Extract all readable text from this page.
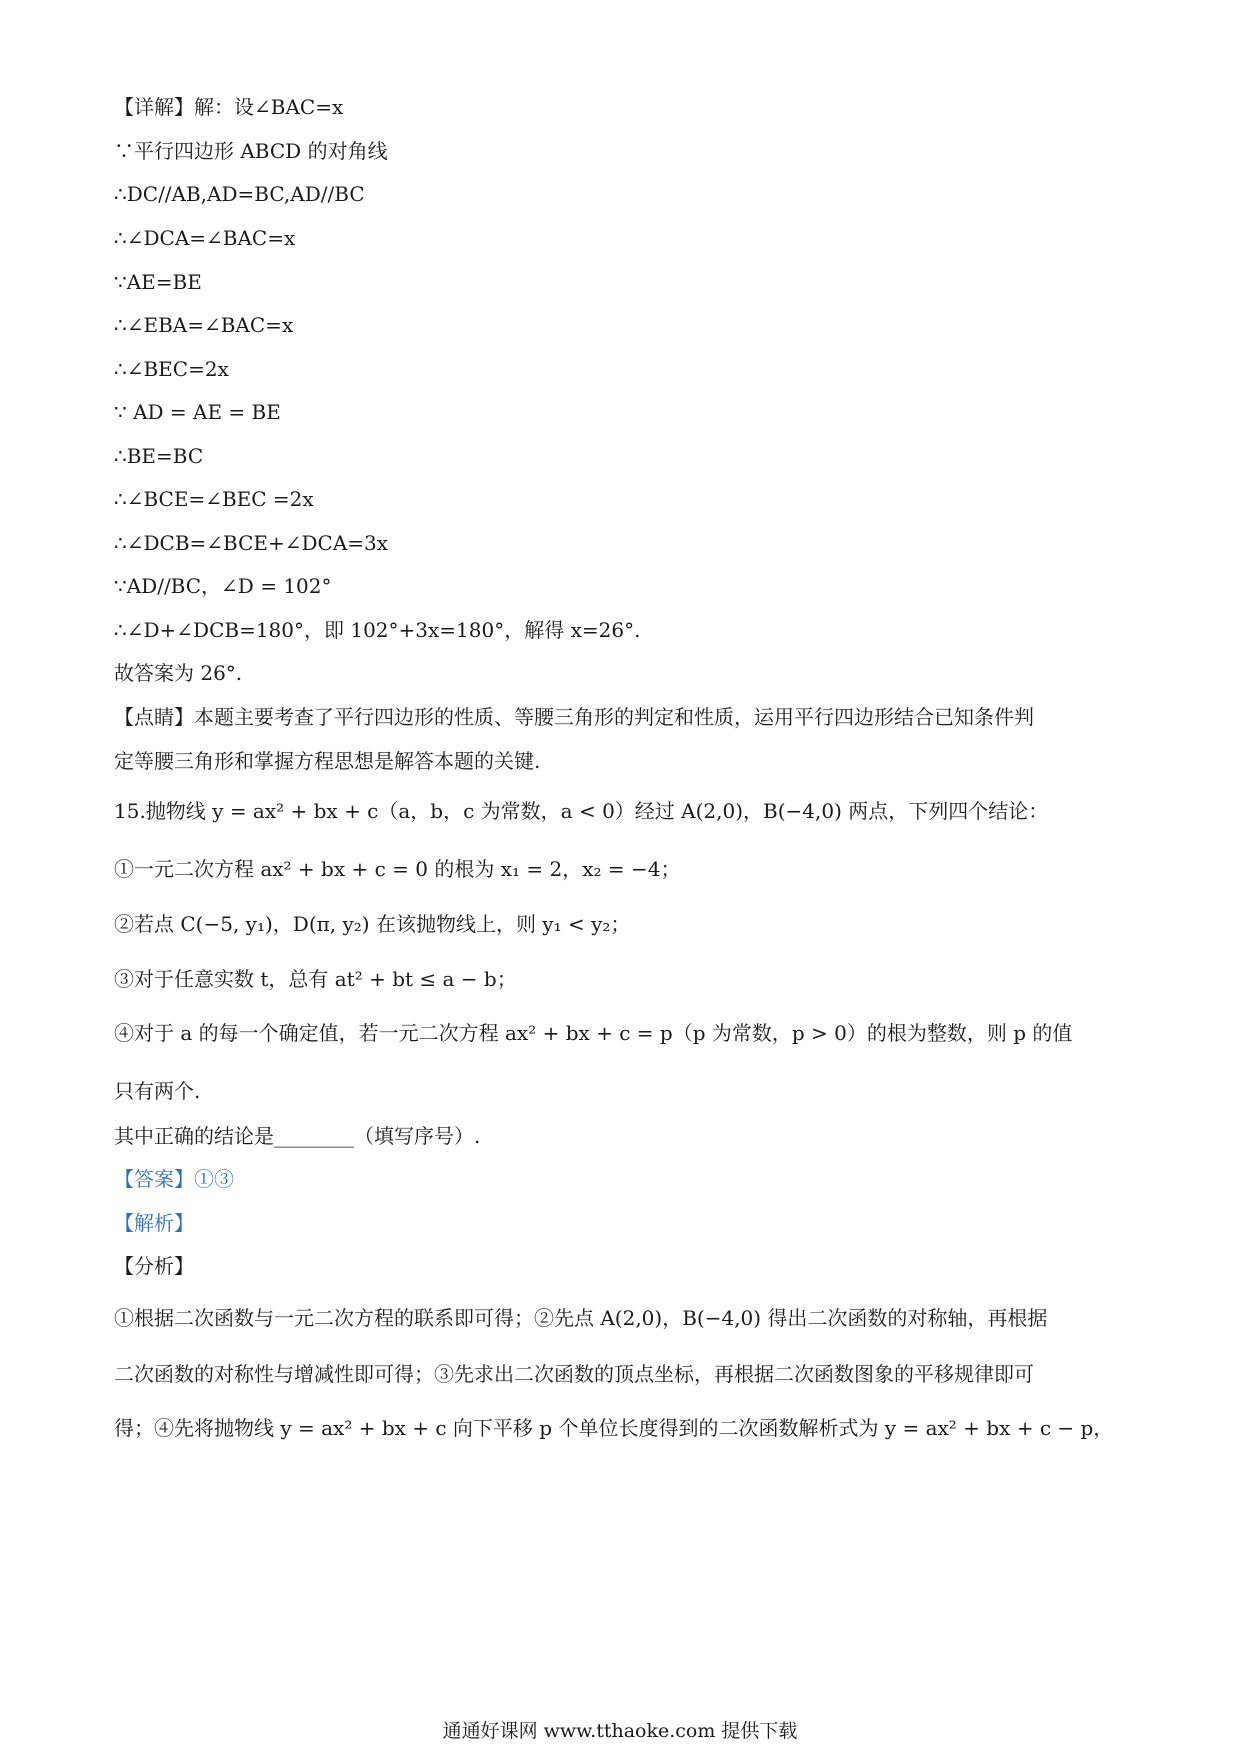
【详解】解：设∠BAC=x
∵平行四边形 ABCD 的对角线
∴DC//AB,AD=BC,AD//BC
∴∠DCA=∠BAC=x
∵AE=BE
∴∠EBA=∠BAC=x
∴∠BEC=2x
∵ AD = AE = BE
∴BE=BC
∴∠BCE=∠BEC =2x
∴∠DCB=∠BCE+∠DCA=3x
∵AD//BC，∠D = 102°
∴∠D+∠DCB=180°，即 102°+3x=180°，解得 x=26°.
故答案为 26°.
【点睛】本题主要考查了平行四边形的性质、等腰三角形的判定和性质，运用平行四边形结合已知条件判
定等腰三角形和掌握方程思想是解答本题的关键.
15.抛物线 y = ax² + bx + c（a，b，c 为常数，a < 0）经过 A(2,0)，B(−4,0) 两点，下列四个结论：
①一元二次方程 ax² + bx + c = 0 的根为 x₁ = 2，x₂ = −4；
②若点 C(−5, y₁)，D(π, y₂) 在该抛物线上，则 y₁ < y₂；
③对于任意实数 t，总有 at² + bt ≤ a − b；
④对于 a 的每一个确定值，若一元二次方程 ax² + bx + c = p（p 为常数，p > 0）的根为整数，则 p 的值
只有两个.
其中正确的结论是________（填写序号）.
【答案】①③
【解析】
【分析】
①根据二次函数与一元二次方程的联系即可得；②先点 A(2,0)，B(−4,0) 得出二次函数的对称轴，再根据
二次函数的对称性与增减性即可得；③先求出二次函数的顶点坐标，再根据二次函数图象的平移规律即可
得；④先将抛物线 y = ax² + bx + c 向下平移 p 个单位长度得到的二次函数解析式为 y = ax² + bx + c − p，
通通好课网 www.tthaoke.com 提供下载
